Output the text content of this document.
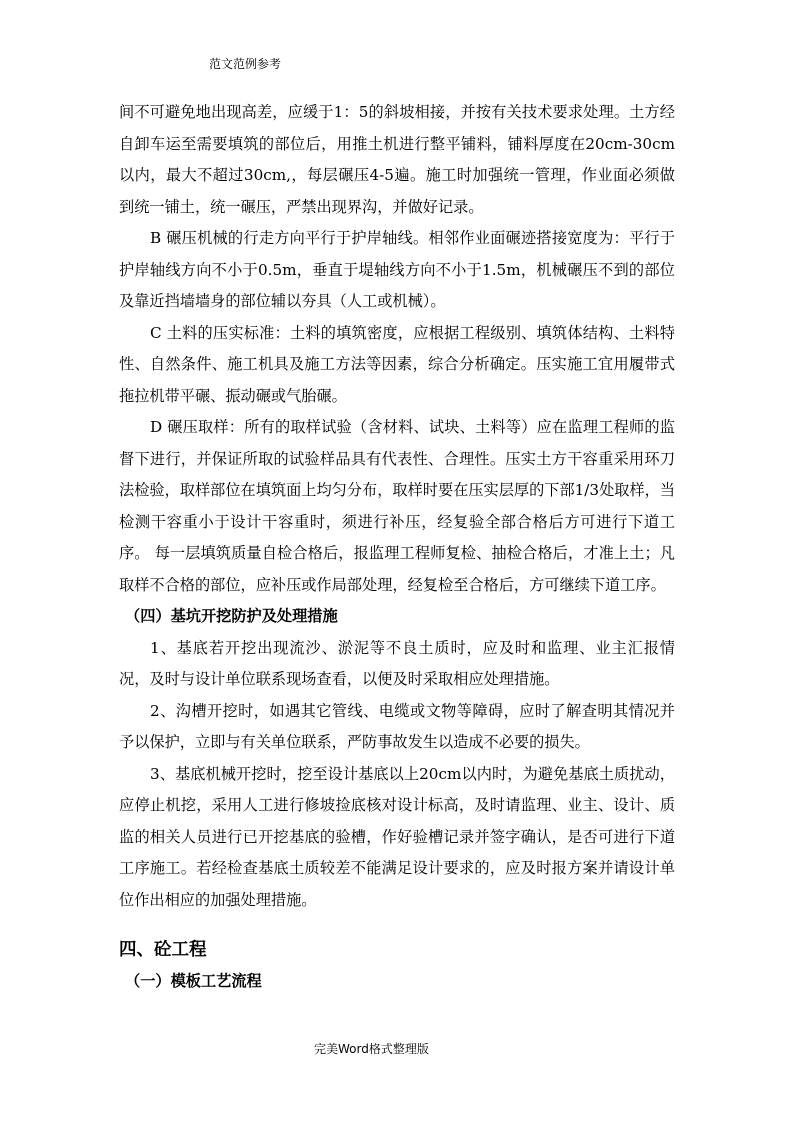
范文范例参考

间不可避免地出现高差，应缓于1：5的斜坡相接，并按有关技术要求处理。土方经自卸车运至需要填筑的部位后，用推土机进行整平铺料，铺料厚度在20cm-30cm以内，最大不超过30cm,，每层碾压4-5遍。施工时加强统一管理，作业面必须做到统一铺土，统一碾压，严禁出现界沟，并做好记录。

B 碾压机械的行走方向平行于护岸轴线。相邻作业面碾迹搭接宽度为：平行于护岸轴线方向不小于0.5m，垂直于堤轴线方向不小于1.5m，机械碾压不到的部位及靠近挡墙墙身的部位辅以夯具（人工或机械）。

C 土料的压实标准：土料的填筑密度，应根据工程级别、填筑体结构、土料特性、自然条件、施工机具及施工方法等因素，综合分析确定。压实施工宜用履带式拖拉机带平碾、振动碾或气胎碾。

D 碾压取样：所有的取样试验（含材料、试块、土料等）应在监理工程师的监督下进行，并保证所取的试验样品具有代表性、合理性。压实土方干容重采用环刀法检验，取样部位在填筑面上均匀分布，取样时要在压实层厚的下部1/3处取样，当检测干容重小于设计干容重时，须进行补压，经复验全部合格后方可进行下道工序。 每一层填筑质量自检合格后，报监理工程师复检、抽检合格后，才准上土；凡取样不合格的部位，应补压或作局部处理，经复检至合格后，方可继续下道工序。

（四）基坑开挖防护及处理措施

1、基底若开挖出现流沙、淤泥等不良土质时，应及时和监理、业主汇报情况，及时与设计单位联系现场查看，以便及时采取相应处理措施。

2、沟槽开挖时，如遇其它管线、电缆或文物等障碍，应时了解查明其情况并予以保护，立即与有关单位联系，严防事故发生以造成不必要的损失。

3、基底机械开挖时，挖至设计基底以上20cm以内时，为避免基底土质扰动，应停止机挖，采用人工进行修坡捡底核对设计标高，及时请监理、业主、设计、质监的相关人员进行已开挖基底的验槽，作好验槽记录并签字确认，是否可进行下道工序施工。若经检查基底土质较差不能满足设计要求的，应及时报方案并请设计单位作出相应的加强处理措施。

四、砼工程

（一）模板工艺流程

完美Word格式整理版
